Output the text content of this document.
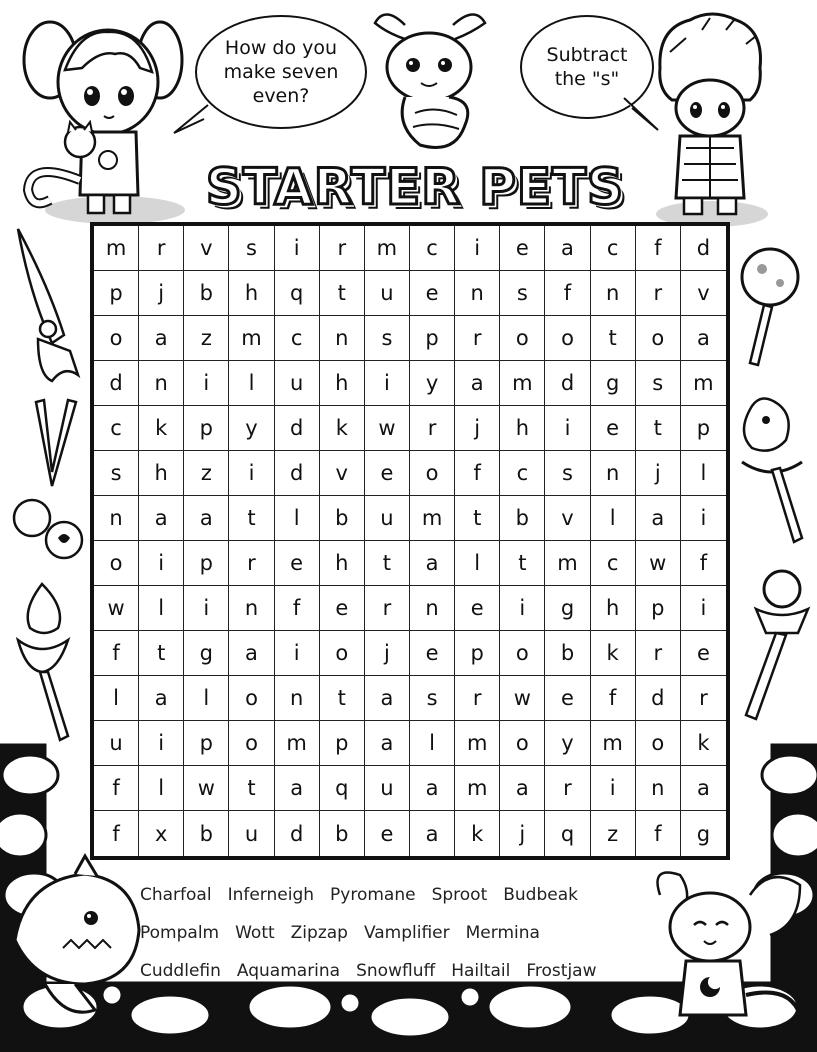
How do you
make seven
even?
Subtract
the "s"
STARTER PETS
m	r	v	s	i	r	m	c	i	e	a	c	f	d
p	j	b	h	q	t	u	e	n	s	f	n	r	v
o	a	z	m	c	n	s	p	r	o	o	t	o	a
d	n	i	l	u	h	i	y	a	m	d	g	s	m
c	k	p	y	d	k	w	r	j	h	i	e	t	p
s	h	z	i	d	v	e	o	f	c	s	n	j	l
n	a	a	t	l	b	u	m	t	b	v	l	a	i
o	i	p	r	e	h	t	a	l	t	m	c	w	f
w	l	i	n	f	e	r	n	e	i	g	h	p	i
f	t	g	a	i	o	j	e	p	o	b	k	r	e
l	a	l	o	n	t	a	s	r	w	e	f	d	r
u	i	p	o	m	p	a	l	m	o	y	m	o	k
f	l	w	t	a	q	u	a	m	a	r	i	n	a
f	x	b	u	d	b	e	a	k	j	q	z	f	g
Charfoal Inferneigh Pyromane Sproot Budbeak
Pompalm Wott Zipzap Vamplifier Mermina
Cuddlefin Aquamarina Snowfluff Hailtail Frostjaw
